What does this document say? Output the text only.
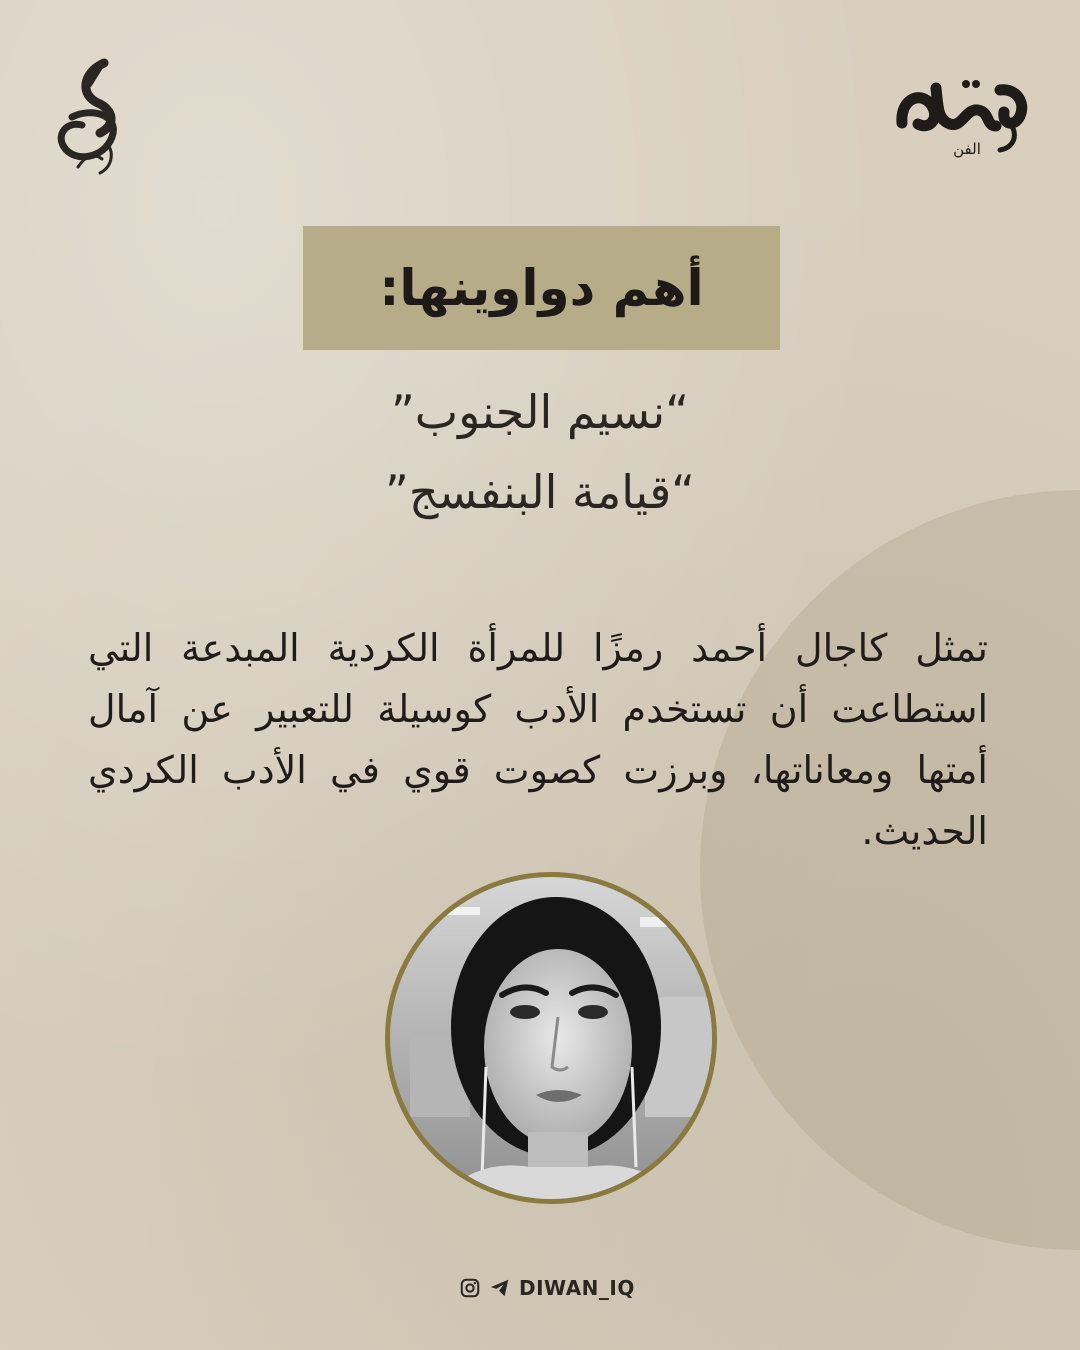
الفن
أهم دواوينها:
“نسيم الجنوب”
“قيامة البنفسج”
تمثل كاجال أحمد رمزًا للمرأة الكردية المبدعة التي استطاعت أن تستخدم الأدب كوسيلة للتعبير عن آمال أمتها ومعاناتها، وبرزت كصوت قوي في الأدب الكردي الحديث.
DIWAN_IQ
